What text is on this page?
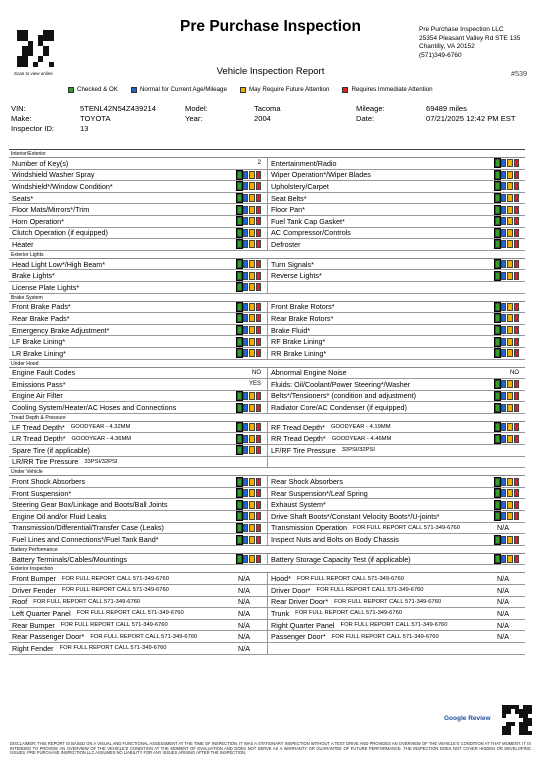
Scan to view online
Pre Purchase Inspection	Pre Purchase Inspection LLC
25354 Pleasant Valley Rd STE 135
Chantilly, VA 20152
(571)349-6760
Vehicle Inspection Report	#539
Checked & OK	Normal for Current Age/Mileage	May Require Future Attention	Requires Immediate Attention
VIN:	5TENL42N54Z439214	Model:	Tacoma	Mileage:	69489 miles
Make:	TOYOTA	Year:	2004	Date:	07/21/2025 12:42 PM EST
Inspector ID:	13
Interior/Exterior
Number of Key(s)	2 Entertainment/Radio
Windshield Washer Spray	Wiper Operation*/Wiper Blades
Windshield*/Window Condition*	Upholstery/Carpet
Seats*	Seat Belts*
Floor Mats/Mirrors*/Trim	Floor Pan*
Horn Operation*	Fuel Tank Cap Gasket*
Clutch Operation (if equipped)	AC Compressor/Controls
Heater	Defroster
Exterior Lights
Head Light Low*/High Beam*	Turn Signals*
Brake Lights*	Reverse Lights*
License Plate Lights*
Brake System
Front Brake Pads*	Front Brake Rotors*
Rear Brake Pads*	Rear Brake Rotors*
Emergency Brake Adjustment*	Brake Fluid*
LF Brake Lining*	RF Brake Lining*
LR Brake Lining*	RR Brake Lining*
Under Hood
Engine Fault Codes	NO Abnormal Engine Noise	NO
Emissions Pass*	YES Fluids: Oil/Coolant/Power Steering*/Washer
Engine Air Filter	Belts*/Tensioners* (condition and adjustment)
Cooling System/Heater/AC Hoses and Connections	Radiator Core/AC Condenser (if equipped)
Tread Depth & Pressure
LF Tread Depth* GOODYEAR - 4.32MM	RF Tread Depth* GOODYEAR - 4.19MM
LR Tread Depth* GOODYEAR - 4.36MM	RR Tread Depth* GOODYEAR - 4.46MM
Spare Tire (if applicable)	LF/RF Tire Pressure 32PSI/32PSI
LR/RR Tire Pressure 33PSI/32PSI
Under Vehicle
Front Shock Absorbers	Rear Shock Absorbers
Front Suspension*	Rear Suspension*/Leaf Spring
Steering Gear Box/Linkage and Boots/Ball Joints	Exhaust System*
Engine Oil and/or Fluid Leaks	Drive Shaft Boots*/Constant Velocity Boots*/U-joints*
Transmission/Differential/Transfer Case (Leaks)	Transmission Operation FOR FULL REPORT CALL 571-349-6760	N/A
Fuel Lines and Connections*/Fuel Tank Band*	Inspect Nuts and Bolts on Body Chassis
Battery Performance
Battery Terminals/Cables/Mountings	Battery Storage Capacity Test (if applicable)
Exterior Inspection
Front Bumper FOR FULL REPORT CALL 571-349-6760	N/A	Hood* FOR FULL REPORT CALL 571-349-6760	N/A
Driver Fender FOR FULL REPORT CALL 571-349-6760	N/A	Driver Door* FOR FULL REPORT CALL 571-349-6760	N/A
Roof FOR FULL REPORT CALL 571-349-6760	N/A	Rear Driver Door* FOR FULL REPORT CALL 571-349-6760	N/A
Left Quarter Panel FOR FULL REPORT CALL 571-349-6760	N/A	Trunk FOR FULL REPORT CALL 571-349-6760	N/A
Rear Bumper FOR FULL REPORT CALL 571-349-6760	N/A	Right Quarter Panel FOR FULL REPORT CALL 571-349-6760	N/A
Rear Passenger Door* FOR FULL REPORT CALL 571-349-6760	N/A	Passenger Door* FOR FULL REPORT CALL 571-349-6760	N/A
Right Fender FOR FULL REPORT CALL 571-349-6760	N/A
Google Review
DISCLAIMER: THIS REPORT IS BASED ON A VISUAL AND FUNCTIONAL ASSESSMENT AT THE TIME OF INSPECTION. IT WAS A STATIONARY INSPECTION WITHOUT A TEST DRIVE AND PROVIDES AN OVERVIEW OF THE VEHICLE'S CONDITION AT THAT MOMENT. IT IS INTENDED TO PROVIDE AN OVERVIEW OF THE VEHICLE'S CONDITION AT THE MOMENT OF EVALUATION AND DOES NOT SERVE AS A WARRANTY OR GUARANTEE OF FUTURE PERFORMANCE. THE INSPECTION DOES NOT COVER HIDDEN OR DEVELOPING ISSUES. PRE PURCHASE INSPECTION LLC ASSUMES NO LIABILITY FOR ANY ISSUES ARISING AFTER THE INSPECTION.
